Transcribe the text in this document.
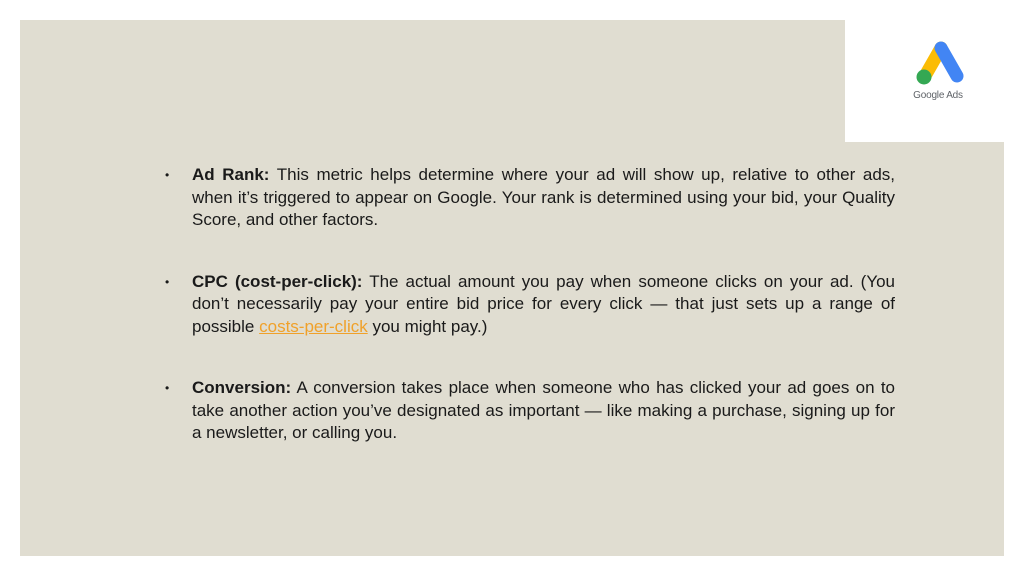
Google Ads
• Ad Rank: This metric helps determine where your ad will show up, relative to other ads, when it’s triggered to appear on Google. Your rank is determined using your bid, your Quality Score, and other factors.
• CPC (cost-per-click): The actual amount you pay when someone clicks on your ad. (You don’t necessarily pay your entire bid price for every click — that just sets up a range of possible costs-per-click you might pay.)
• Conversion: A conversion takes place when someone who has clicked your ad goes on to take another action you’ve designated as important — like making a purchase, signing up for a newsletter, or calling you.
